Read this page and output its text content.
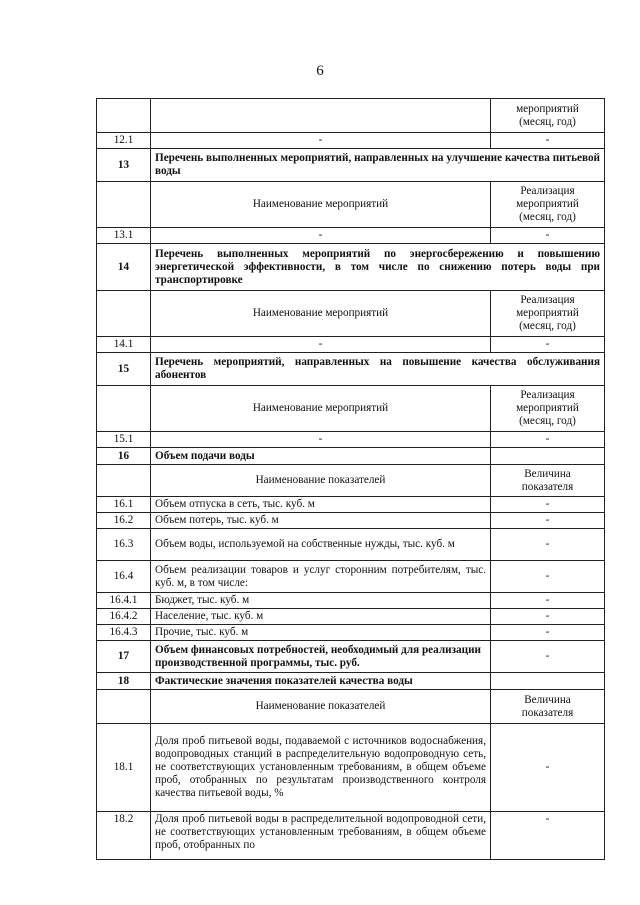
6
		мероприятий
(месяц, год)
12.1	-	-
13	Перечень выполненных мероприятий, направленных на улучшение качества питьевой воды	
	Наименование мероприятий	Реализация
мероприятий
(месяц, год)
13.1	-	-
14	Перечень выполненных мероприятий по энергосбережению и повышению энергетической эффективности, в том числе по снижению потерь воды при транспортировке	
	Наименование мероприятий	Реализация
мероприятий
(месяц, год)
14.1	-	-
15	Перечень мероприятий, направленных на повышение качества обслуживания абонентов	
	Наименование мероприятий	Реализация
мероприятий
(месяц, год)
15.1	-	-
16	Объем подачи воды	
	Наименование показателей	Величина
показателя
16.1	Объем отпуска в сеть, тыс. куб. м	-
16.2	Объем потерь, тыс. куб. м	-
16.3	Объем воды, используемой на собственные нужды, тыс. куб. м	-
16.4	Объем реализации товаров и услуг сторонним потребителям, тыс. куб. м, в том числе:	-
16.4.1	Бюджет, тыс. куб. м	-
16.4.2	Население, тыс. куб. м	-
16.4.3	Прочие, тыс. куб. м	-
17	Объем финансовых потребностей, необходимый для реализации производственной программы, тыс. руб.	-
18	Фактические значения показателей качества воды	
	Наименование показателей	Величина
показателя
18.1	Доля проб питьевой воды, подаваемой с источников водоснабжения, водопроводных станций в распределительную водопроводную сеть, не соответствующих установленным требованиям, в общем объеме проб, отобранных по результатам производственного контроля качества питьевой воды, %	-
18.2	Доля проб питьевой воды в распределительной водопроводной сети, не соответствующих установленным требованиям, в общем объеме проб, отобранных по	-
